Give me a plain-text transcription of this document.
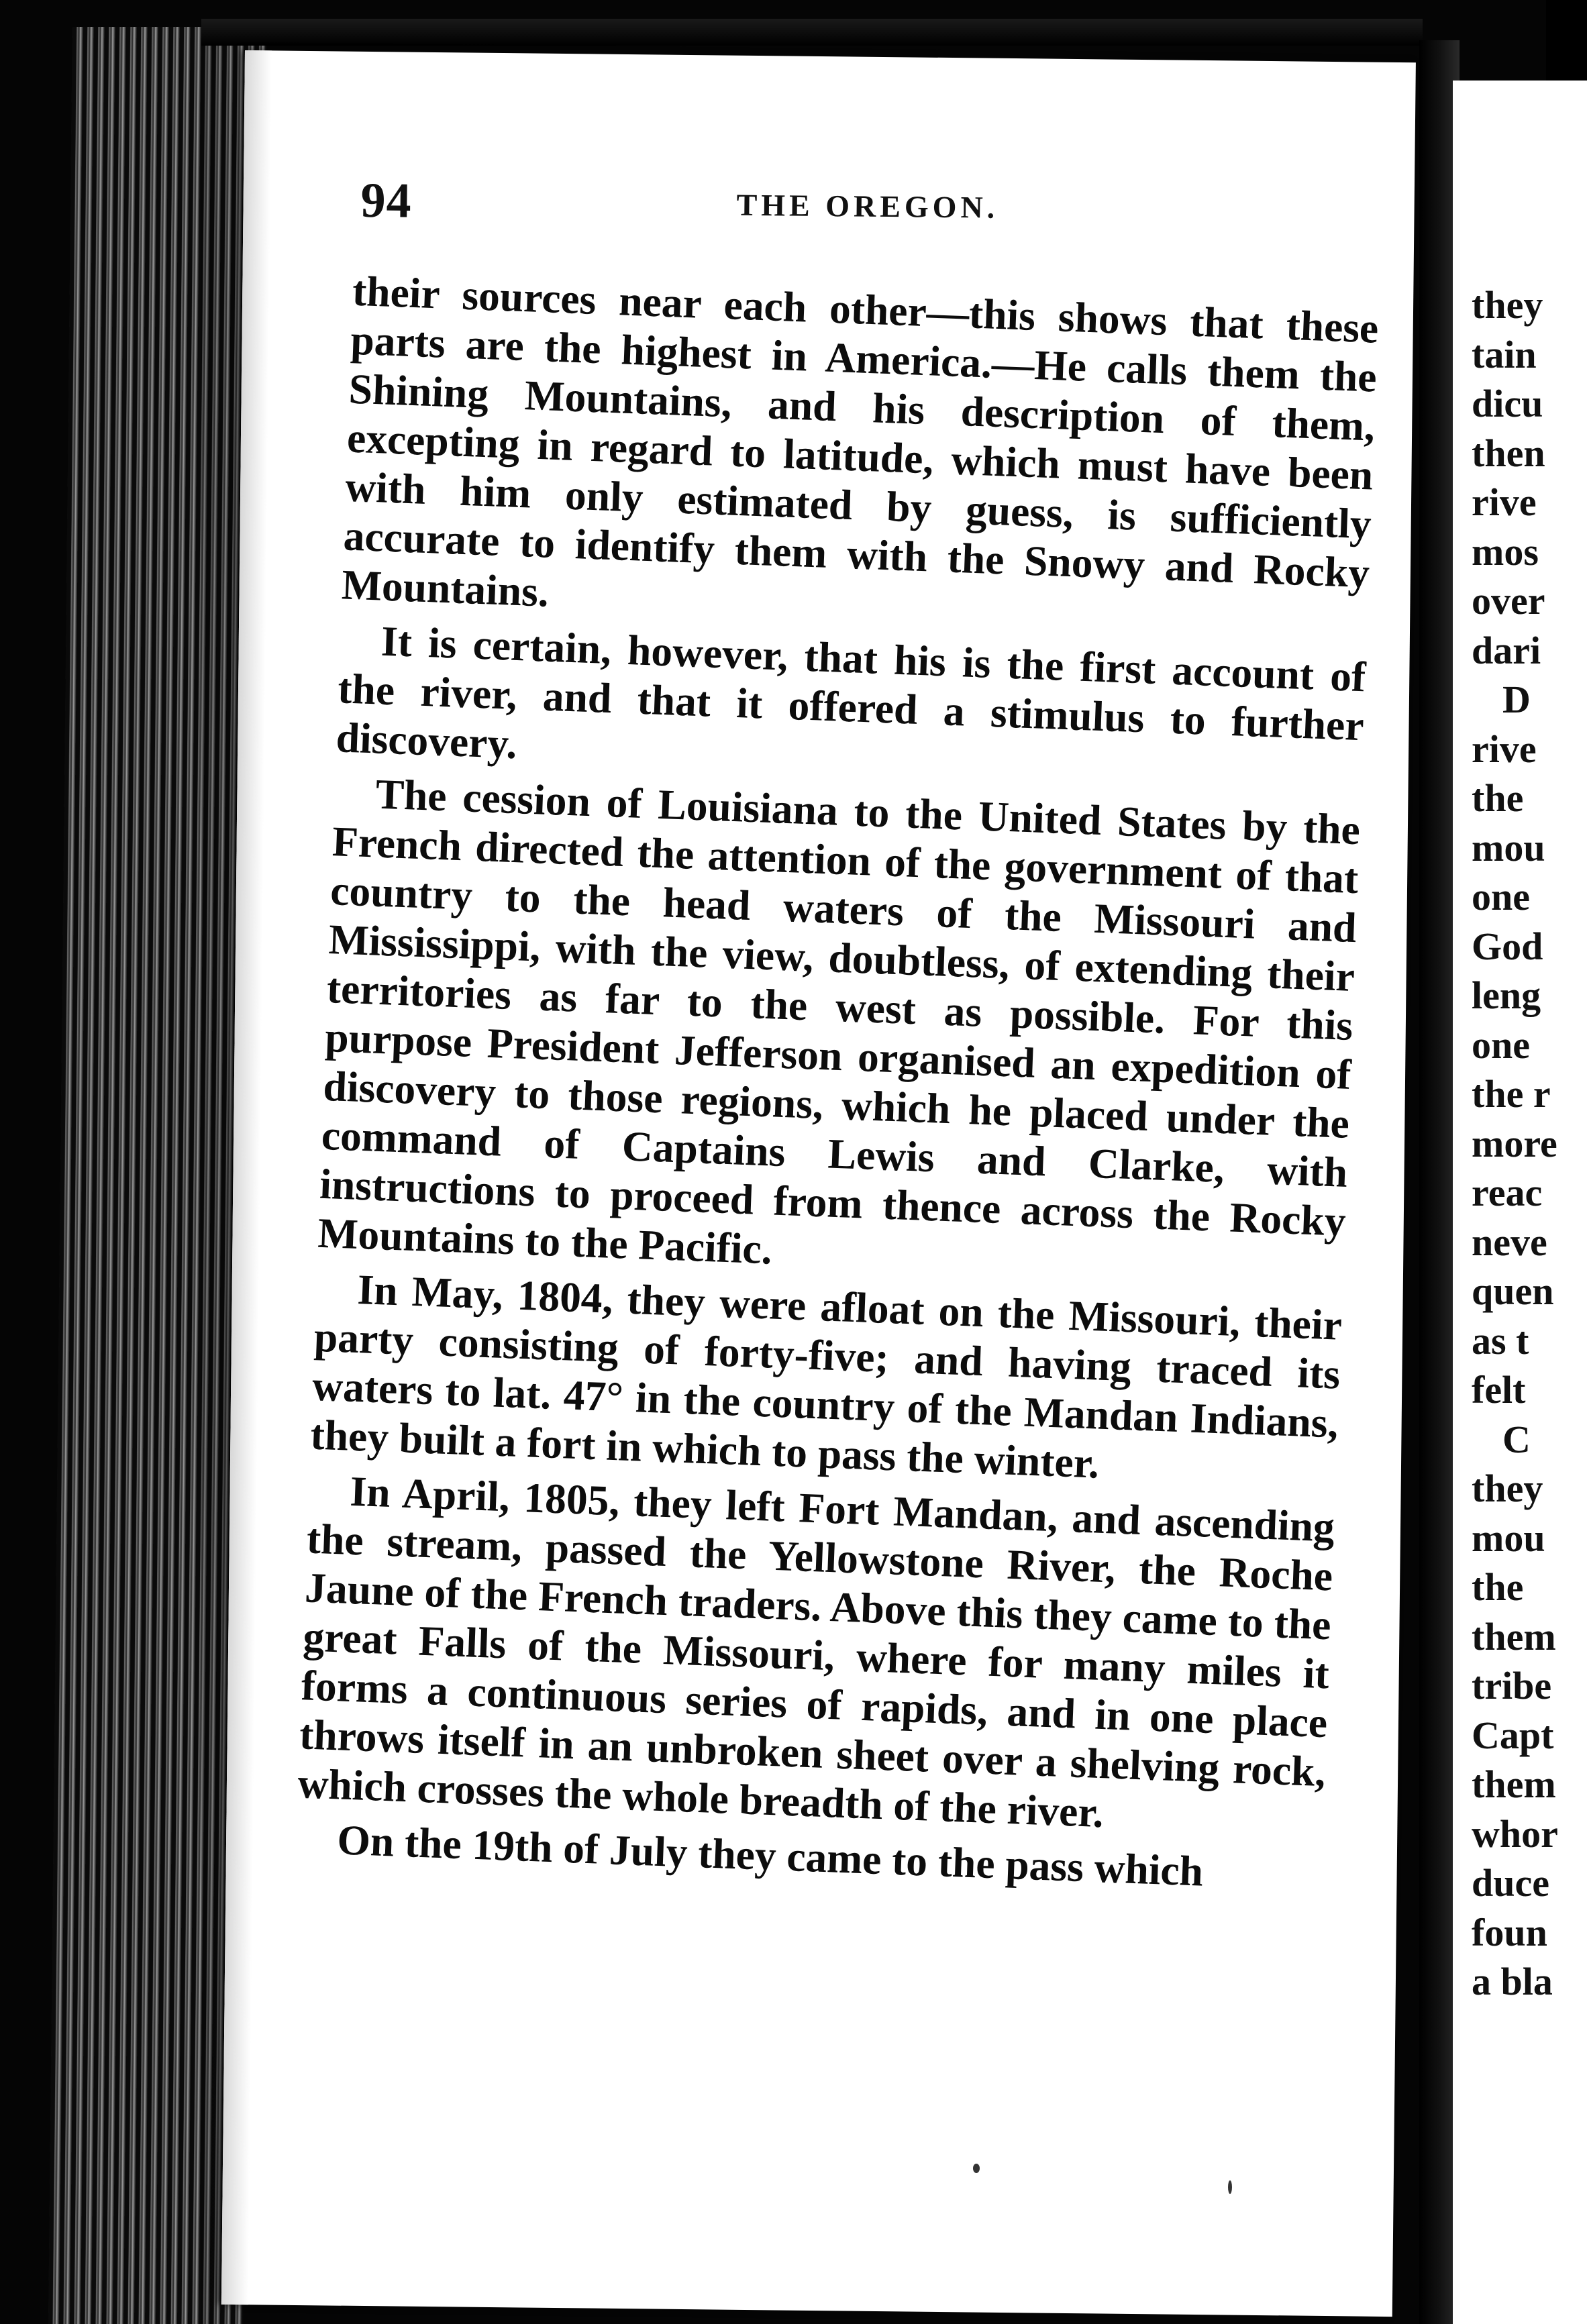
94	THE OREGON.

their sources near each other—this shows that these parts are the highest in America.—He calls them the Shining Mountains, and his description of them, excepting in regard to latitude, which must have been with him only estimated by guess, is sufficiently accurate to identify them with the Snowy and Rocky Mountains.

It is certain, however, that his is the first account of the river, and that it offered a stimulus to further discovery.

The cession of Louisiana to the United States by the French directed the attention of the government of that country to the head waters of the Missouri and Mississippi, with the view, doubtless, of extending their territories as far to the west as possible. For this purpose President Jefferson organised an expedition of discovery to those regions, which he placed under the command of Captains Lewis and Clarke, with instructions to proceed from thence across the Rocky Mountains to the Pacific.

In May, 1804, they were afloat on the Missouri, their party consisting of forty-five; and having traced its waters to lat. 47° in the country of the Mandan Indians, they built a fort in which to pass the winter.

In April, 1805, they left Fort Mandan, and ascending the stream, passed the Yellowstone River, the Roche Jaune of the French traders. Above this they came to the great Falls of the Missouri, where for many miles it forms a continuous series of rapids, and in one place throws itself in an unbroken sheet over a shelving rock, which crosses the whole breadth of the river.

On the 19th of July they came to the pass which

they
tain
dicu
then
rive
mos
over
dari
D
rive
the
mou
one
God
leng
one
the r
more
reac
neve
quen
as t
felt
C
they
mou
the
them
tribe
Capt
them
whor
duce
foun
a bla
